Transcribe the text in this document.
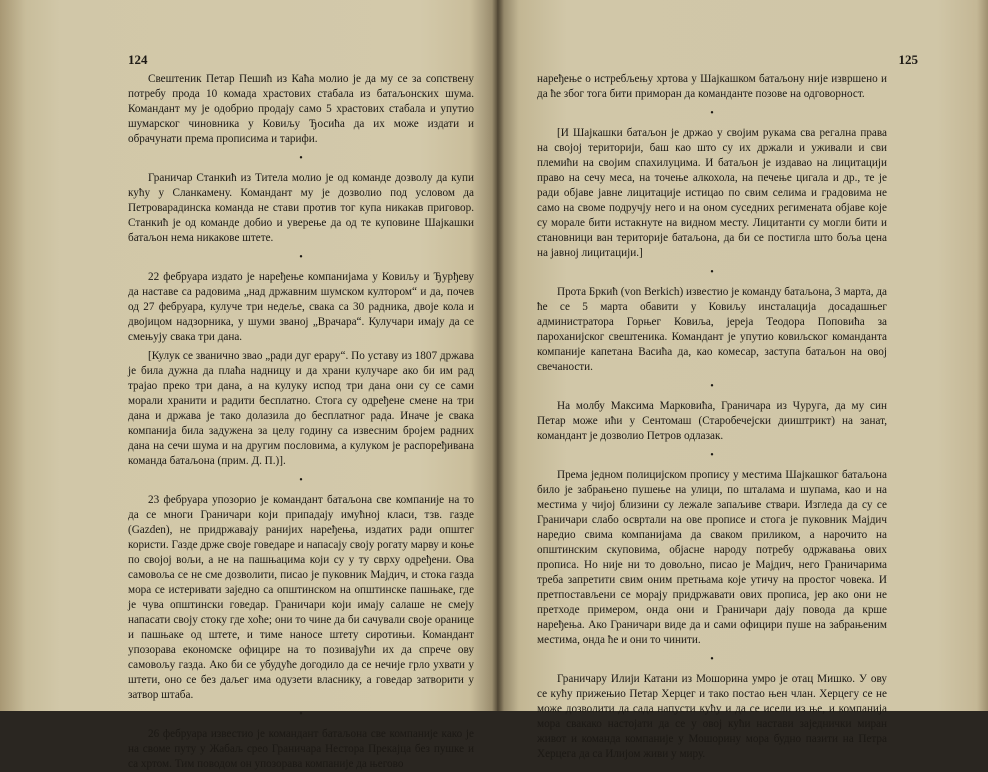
124

Свештеник Петар Пешић из Каћа молио је да му се за сопствену потребу прода 10 комада храстових стабала из батаљонских шума. Командант му је одобрио продају само 5 храстових стабала и упутио шумарског чиновника у Ковиљу Ђосића да их може издати и обрачунати према прописима и тарифи.

•

Граничар Станкић из Титела молио је од команде дозволу да купи кућу у Сланкамену. Командант му је дозволио под условом да Петроварадинска команда не стави против тог купа никакав приговор. Станкић је од команде добио и уверење да од те куповине Шајкашки батаљон нема никакове штете.

•

22 фебруара издато је наређење компанијама у Ковиљу и Ђурђеву да наставе са радовима „над државним шумском култором“ и да, почев од 27 фебруара, кулуче три недеље, свака са 30 радника, двоје кола и двојицом надзорника, у шуми званој „Врачара“. Кулучари имају да се смењују свака три дана.

[Кулук се званично звао „ради дуг ерару“. По уставу из 1807 држава је била дужна да плаћа надницу и да храни кулучаре ако би им рад трајао преко три дана, а на кулуку испод три дана они су се сами морали хранити и радити бесплатно. Стога су одређене смене на три дана и држава је тако долазила до бесплатног рада. Иначе је свака компанија била задужена за целу годину са извесним бројем радних дана на сечи шума и на другим пословима, а кулуком је распоређивана команда батаљона (прим. Д. П.)].

•

23 фебруара упозорио је командант батаљона све компаније на то да се многи Граничари који припадају имућној класи, тзв. газде (Gazden), не придржавају ранијих наређења, издатих ради општег користи. Газде држе своје говедаре и напасају своју рогату марву и коње по својој вољи, а не на пашњацима који су у ту сврху одређени. Ова самовоља се не сме дозволити, писао је пуковник Мајдич, и стока газда мора се истеривати заједно са општинском на општинске пашњаке, где је чува општински говедар. Граничари који имају салаше не смеју напасати своју стоку где хоће; они то чине да би сачували своје оранице и пашњаке од штете, и тиме наносе штету сиротињи. Командант упозорава економске официре на то позивајући их да спрече ову самовољу газда. Ако би се убудуће догодило да се нечије грло ухвати у штети, оно се без даљег има одузети власнику, а говедар затворити у затвор штаба.

•

26 фебруара известио је командант батаљона све компаније како је на своме путу у Жабаљ срео Граничара Нестора Прекајца без пушке и са хртом. Тим поводом он упозорава компаније да његово

125

наређење о истребљењу хртова у Шајкашком батаљону није извршено и да ће због тога бити приморан да команданте позове на одговорност.

•

[И Шајкашки батаљон је држао у својим рукама сва регална права на својој територији, баш као што су их држали и уживали и сви племићи на својим спахилуцима. И батаљон је издавао на лицитацији право на сечу меса, на точење алкохола, на печење цигала и др., те је ради објаве јавне лицитације истицао по свим селима и градовима не само на своме подручју него и на оном суседних регимената објаве које су морале бити истакнуте на видном месту. Лицитанти су могли бити и становници ван територије батаљона, да би се постигла што боља цена на јавној лицитацији.]

•

Прота Бркић (von Berkich) известио је команду батаљона, 3 марта, да ће се 5 марта обавити у Ковиљу инсталација досадашњег администратора Горњег Ковиља, јереја Теодора Поповића за пароханијског свештеника. Командант је упутио ковиљског команданта компаније капетана Васића да, као комесар, заступа батаљон на овој свечаности.

•

На молбу Максима Марковића, Граничара из Чуруга, да му син Петар може ићи у Сентомаш (Старобечејски дииштрикт) на занат, командант је дозволио Петров одлазак.

•

Према једном полицијском пропису у местима Шајкашког батаљона било је забрањено пушење на улици, по шталама и шупама, као и на местима у чијој близини су лежале запаљиве ствари. Изгледа да су се Граничари слабо освртали на ове прописе и стога је пуковник Мајдич наредио свима компанијама да сваком приликом, а нарочито на општинским скуповима, објасне народу потребу одржавања ових прописа. Но није ни то довољно, писао је Мајдич, него Граничарима треба запретити свим оним претњама које утичу на простог човека. И претпостављени се морају придржавати ових прописа, јер ако они не претходе примером, онда они и Граничари дају повода да крше наређења. Ако Граничари виде да и сами официри пуше на забрањеним местима, онда ће и они то чинити.

•

Граничару Илији Катани из Мошорина умро је отац Мишко. У ову се кућу прижењио Петар Херцег и тако постао њен члан. Херцегу се не може дозволити да сада напусти кућу и да се исели из ње, и компанија мора свакако настојати да се у овој кући настави заједнички миран живот и команда компаније у Мошорину мора будно пазити на Петра Херцега да са Илијом живи у миру.
